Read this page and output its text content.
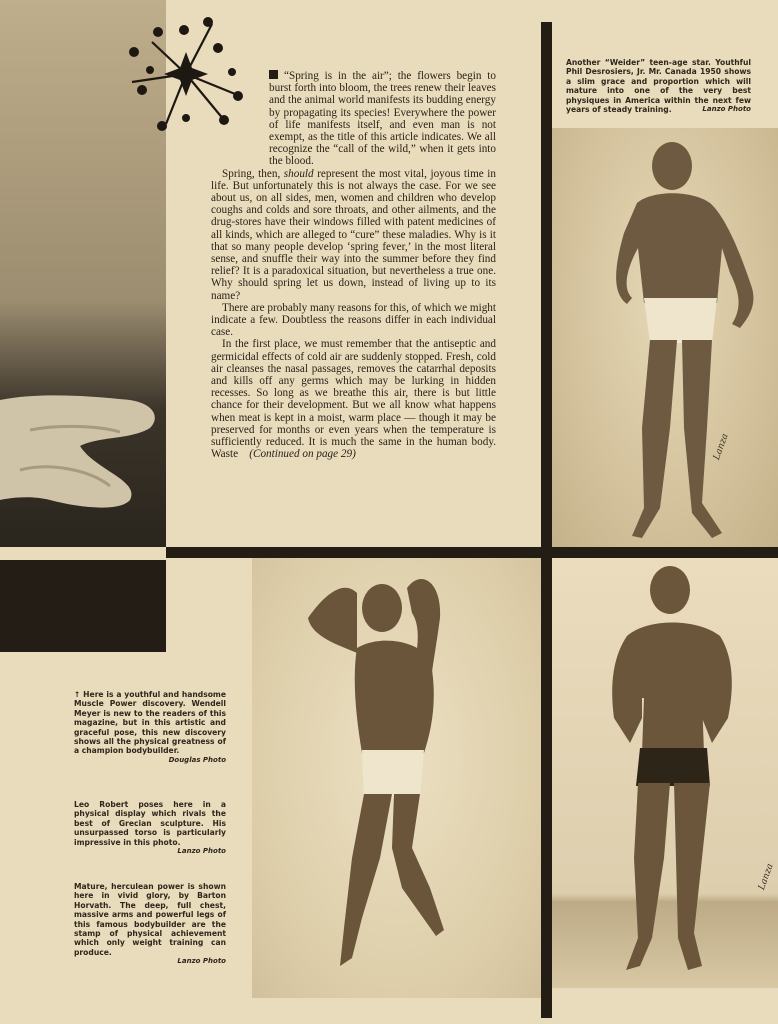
“Spring is in the air”; the flowers begin to burst forth into bloom, the trees renew their leaves and the animal world manifests its budding energy by propagating its species! Everywhere the power of life manifests itself, and even man is not exempt, as the title of this article indicates. We all recognize the “call of the wild,” when it gets into the blood.

Spring, then, should represent the most vital, joyous time in life. But unfortunately this is not always the case. For we see about us, on all sides, men, women and children who develop coughs and colds and sore throats, and other ailments, and the drug-stores have their windows filled with patent medicines of all kinds, which are alleged to “cure” these maladies. Why is it that so many people develop ‘spring fever,’ in the most literal sense, and snuffle their way into the summer before they find relief? It is a paradoxical situation, but nevertheless a true one. Why should spring let us down, instead of living up to its name?

There are probably many reasons for this, of which we might indicate a few. Doubtless the reasons differ in each individual case.

In the first place, we must remember that the antiseptic and germicidal effects of cold air are suddenly stopped. Fresh, cold air cleanses the nasal passages, removes the catarrhal deposits and kills off any germs which may be lurking in hidden recesses. So long as we breathe this air, there is but little chance for their development. But we all know what happens when meat is kept in a moist, warm place — though it may be preserved for months or even years when the temperature is sufficiently reduced. It is much the same in the human body. Waste (Continued on page 29)	Lanza
Another “Weider” teen-age star. Youthful Phil Desrosiers, Jr. Mr. Canada 1950 shows a slim grace and proportion which will mature into one of the very best physiques in America within the next few years of steady training.	Lanzo Photo
Lanza
↑ Here is a youthful and handsome Muscle Power discovery. Wendell Meyer is new to the readers of this magazine, but in this artistic and graceful pose, this new discovery shows all the physical greatness of a champion bodybuilder.
Douglas Photo
Leo Robert poses here in a physical display which rivals the best of Grecian sculpture. His unsurpassed torso is particularly impressive in this photo.
Lanzo Photo
Mature, herculean power is shown here in vivid glory, by Barton Horvath. The deep, full chest, massive arms and powerful legs of this famous bodybuilder are the stamp of physical achievement which only weight training can produce.
Lanzo Photo
